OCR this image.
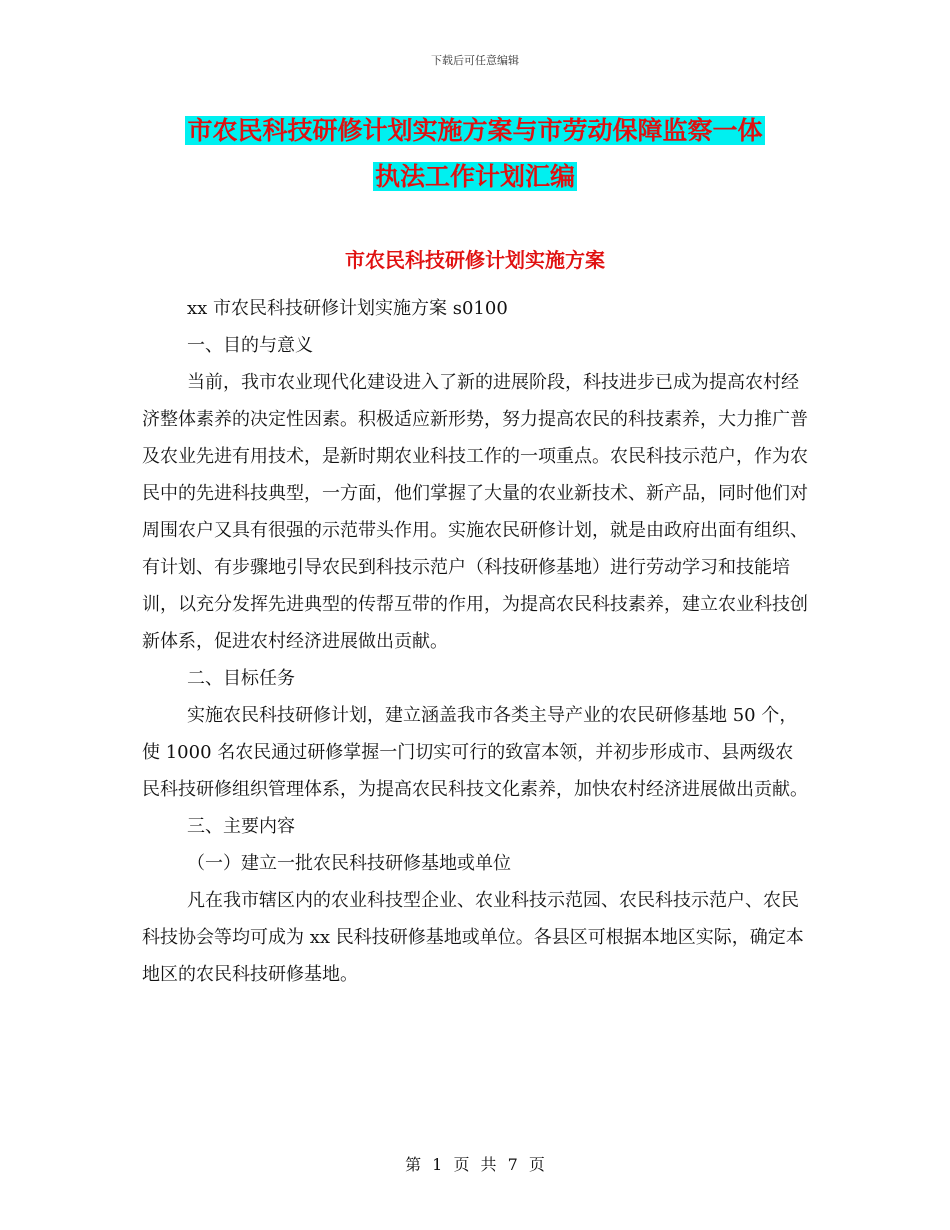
下载后可任意编辑
市农民科技研修计划实施方案与市劳动保障监察一体
执法工作计划汇编
市农民科技研修计划实施方案

xx 市农民科技研修计划实施方案 s0100

一、目的与意义

当前，我市农业现代化建设进入了新的进展阶段，科技进步已成为提高农村经济整体素养的决定性因素。积极适应新形势，努力提高农民的科技素养，大力推广普及农业先进有用技术，是新时期农业科技工作的一项重点。农民科技示范户，作为农民中的先进科技典型，一方面，他们掌握了大量的农业新技术、新产品，同时他们对周围农户又具有很强的示范带头作用。实施农民研修计划，就是由政府出面有组织、有计划、有步骤地引导农民到科技示范户（科技研修基地）进行劳动学习和技能培训，以充分发挥先进典型的传帮互带的作用，为提高农民科技素养，建立农业科技创新体系，促进农村经济进展做出贡献。

二、目标任务

实施农民科技研修计划，建立涵盖我市各类主导产业的农民研修基地 50 个，使 1000 名农民通过研修掌握一门切实可行的致富本领，并初步形成市、县两级农民科技研修组织管理体系，为提高农民科技文化素养，加快农村经济进展做出贡献。

三、主要内容

（一）建立一批农民科技研修基地或单位

凡在我市辖区内的农业科技型企业、农业科技示范园、农民科技示范户、农民科技协会等均可成为 xx 民科技研修基地或单位。各县区可根据本地区实际，确定本地区的农民科技研修基地。

第 1 页 共 7 页
